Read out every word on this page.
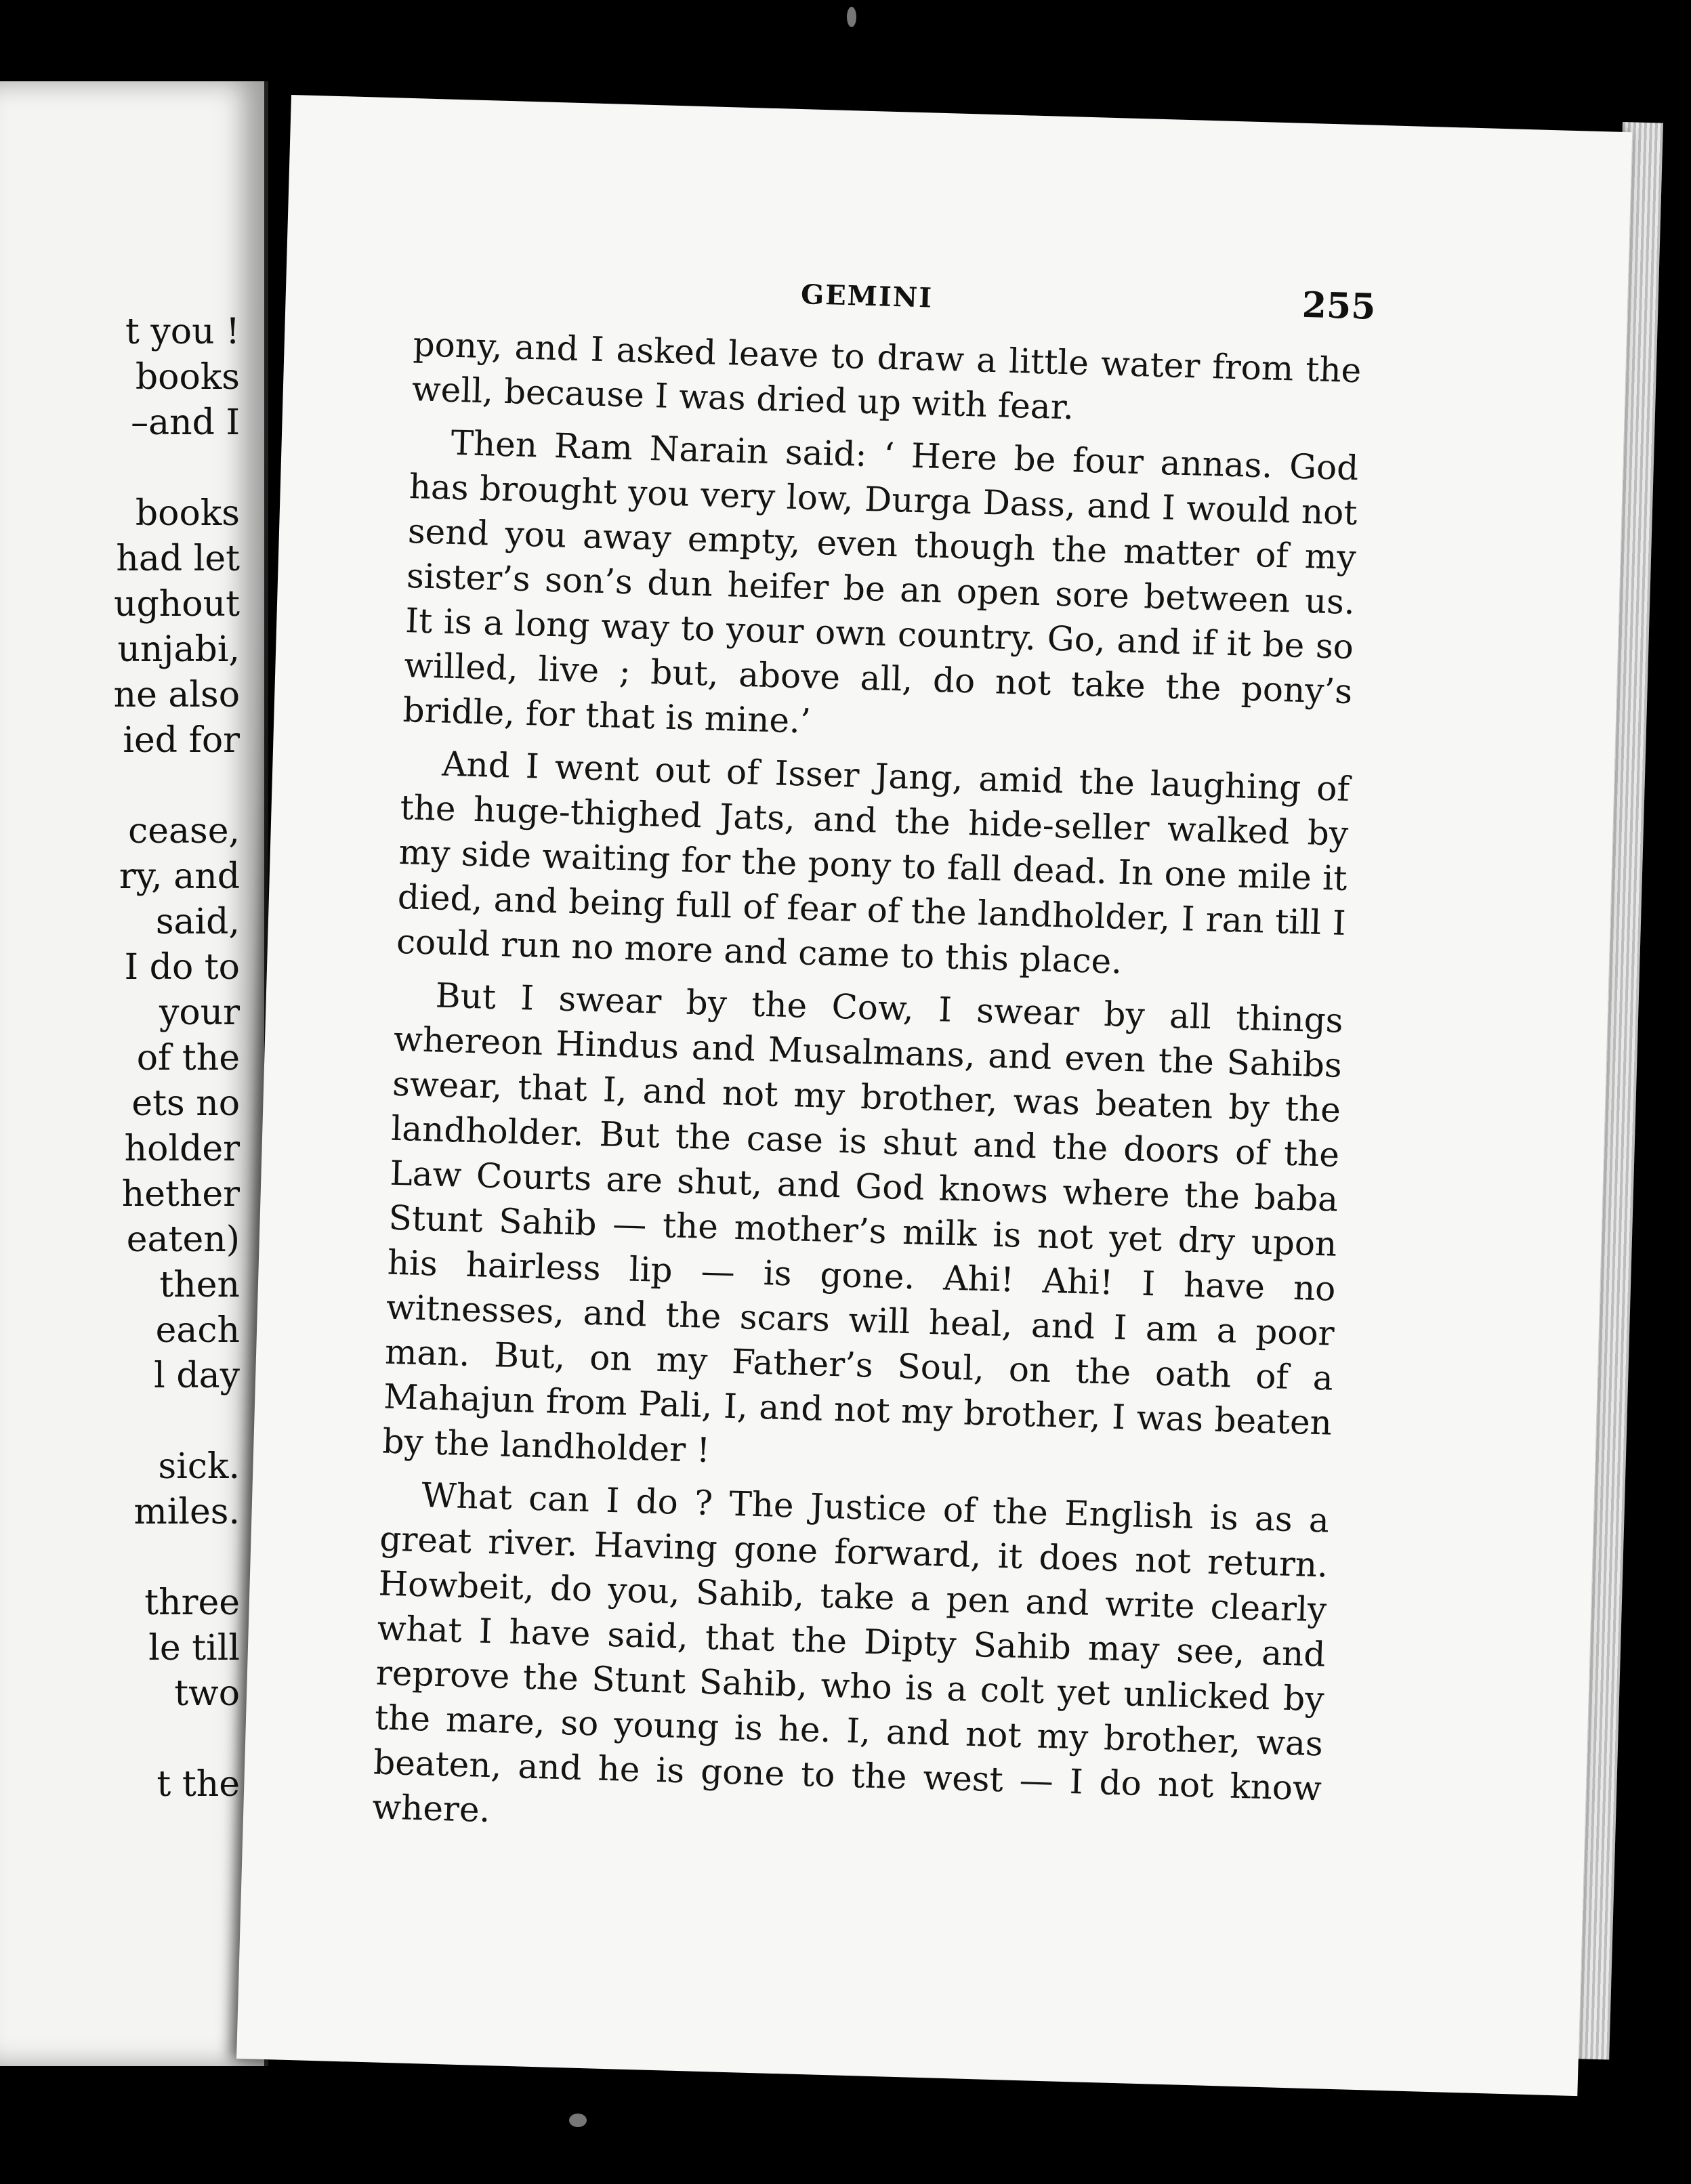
t you !
books
–and I
books
had let
ughout
unjabi,
ne also
ied for
cease,
ry, and
said,
I do to
your
of the
ets no
holder
hether
eaten)
then
each
l day
sick.
miles.
three
le till
two
t the
GEMINI	255

pony, and I asked leave to draw a little water from the well, because I was dried up with fear.

Then Ram Narain said: ‘ Here be four annas. God has brought you very low, Durga Dass, and I would not send you away empty, even though the matter of my sister’s son’s dun heifer be an open sore between us. It is a long way to your own country. Go, and if it be so willed, live ; but, above all, do not take the pony’s bridle, for that is mine.’

And I went out of Isser Jang, amid the laughing of the huge-thighed Jats, and the hide-seller walked by my side waiting for the pony to fall dead. In one mile it died, and being full of fear of the landholder, I ran till I could run no more and came to this place.

But I swear by the Cow, I swear by all things whereon Hindus and Musalmans, and even the Sahibs swear, that I, and not my brother, was beaten by the landholder. But the case is shut and the doors of the Law Courts are shut, and God knows where the baba Stunt Sahib — the mother’s milk is not yet dry upon his hairless lip — is gone. Ahi! Ahi! I have no witnesses, and the scars will heal, and I am a poor man. But, on my Father’s Soul, on the oath of a Mahajun from Pali, I, and not my brother, I was beaten by the landholder !

What can I do ? The Justice of the English is as a great river. Having gone forward, it does not return. Howbeit, do you, Sahib, take a pen and write clearly what I have said, that the Dipty Sahib may see, and reprove the Stunt Sahib, who is a colt yet unlicked by the mare, so young is he. I, and not my brother, was beaten, and he is gone to the west — I do not know where.
